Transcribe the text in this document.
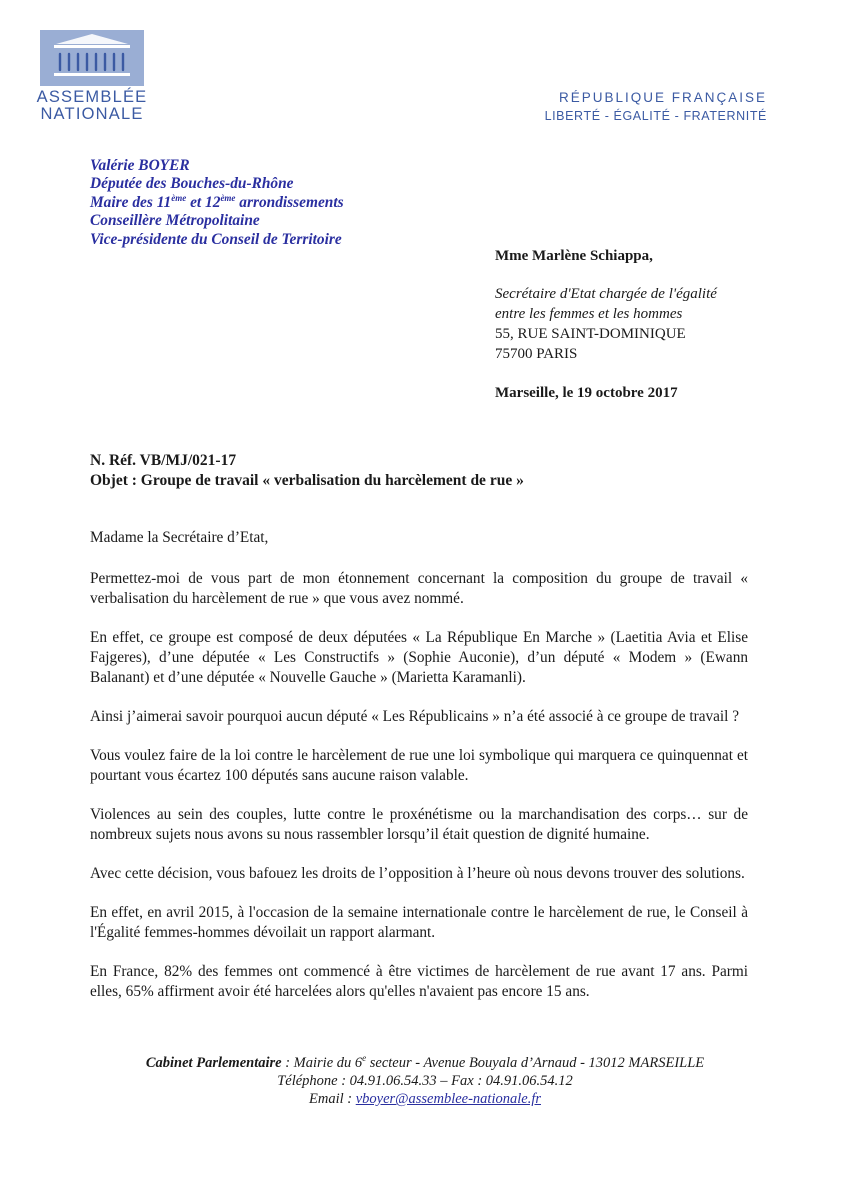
ASSEMBLÉE
NATIONALE
RÉPUBLIQUE FRANÇAISE
LIBERTÉ - ÉGALITÉ - FRATERNITÉ
Valérie BOYER
Députée des Bouches-du-Rhône
Maire des 11ème et 12ème arrondissements
Conseillère Métropolitaine
Vice-présidente du Conseil de Territoire
Mme Marlène Schiappa,
Secrétaire d'Etat chargée de l'égalité
entre les femmes et les hommes
55, RUE SAINT-DOMINIQUE
75700 PARIS
Marseille, le 19 octobre 2017
N. Réf. VB/MJ/021-17
Objet : Groupe de travail « verbalisation du harcèlement de rue »

Madame la Secrétaire d’Etat,

Permettez-moi de vous part de mon étonnement concernant la composition du groupe de travail « verbalisation du harcèlement de rue » que vous avez nommé.

En effet, ce groupe est composé de deux députées « La République En Marche » (Laetitia Avia et Elise Fajgeres), d’une députée « Les Constructifs » (Sophie Auconie), d’un député « Modem » (Ewann Balanant) et d’une députée « Nouvelle Gauche » (Marietta Karamanli).

Ainsi j’aimerai savoir pourquoi aucun député « Les Républicains » n’a été associé à ce groupe de travail ?

Vous voulez faire de la loi contre le harcèlement de rue une loi symbolique qui marquera ce quinquennat et pourtant vous écartez 100 députés sans aucune raison valable.

Violences au sein des couples, lutte contre le proxénétisme ou la marchandisation des corps… sur de nombreux sujets nous avons su nous rassembler lorsqu’il était question de dignité humaine.

Avec cette décision, vous bafouez les droits de l’opposition à l’heure où nous devons trouver des solutions.

En effet, en avril 2015, à l'occasion de la semaine internationale contre le harcèlement de rue, le Conseil à l'Égalité femmes-hommes dévoilait un rapport alarmant.

En France, 82% des femmes ont commencé à être victimes de harcèlement de rue avant 17 ans. Parmi elles, 65% affirment avoir été harcelées alors qu'elles n'avaient pas encore 15 ans.

Cabinet Parlementaire : Mairie du 6e secteur - Avenue Bouyala d’Arnaud - 13012 MARSEILLE
Téléphone : 04.91.06.54.33 – Fax : 04.91.06.54.12
Email : vboyer@assemblee-nationale.fr
